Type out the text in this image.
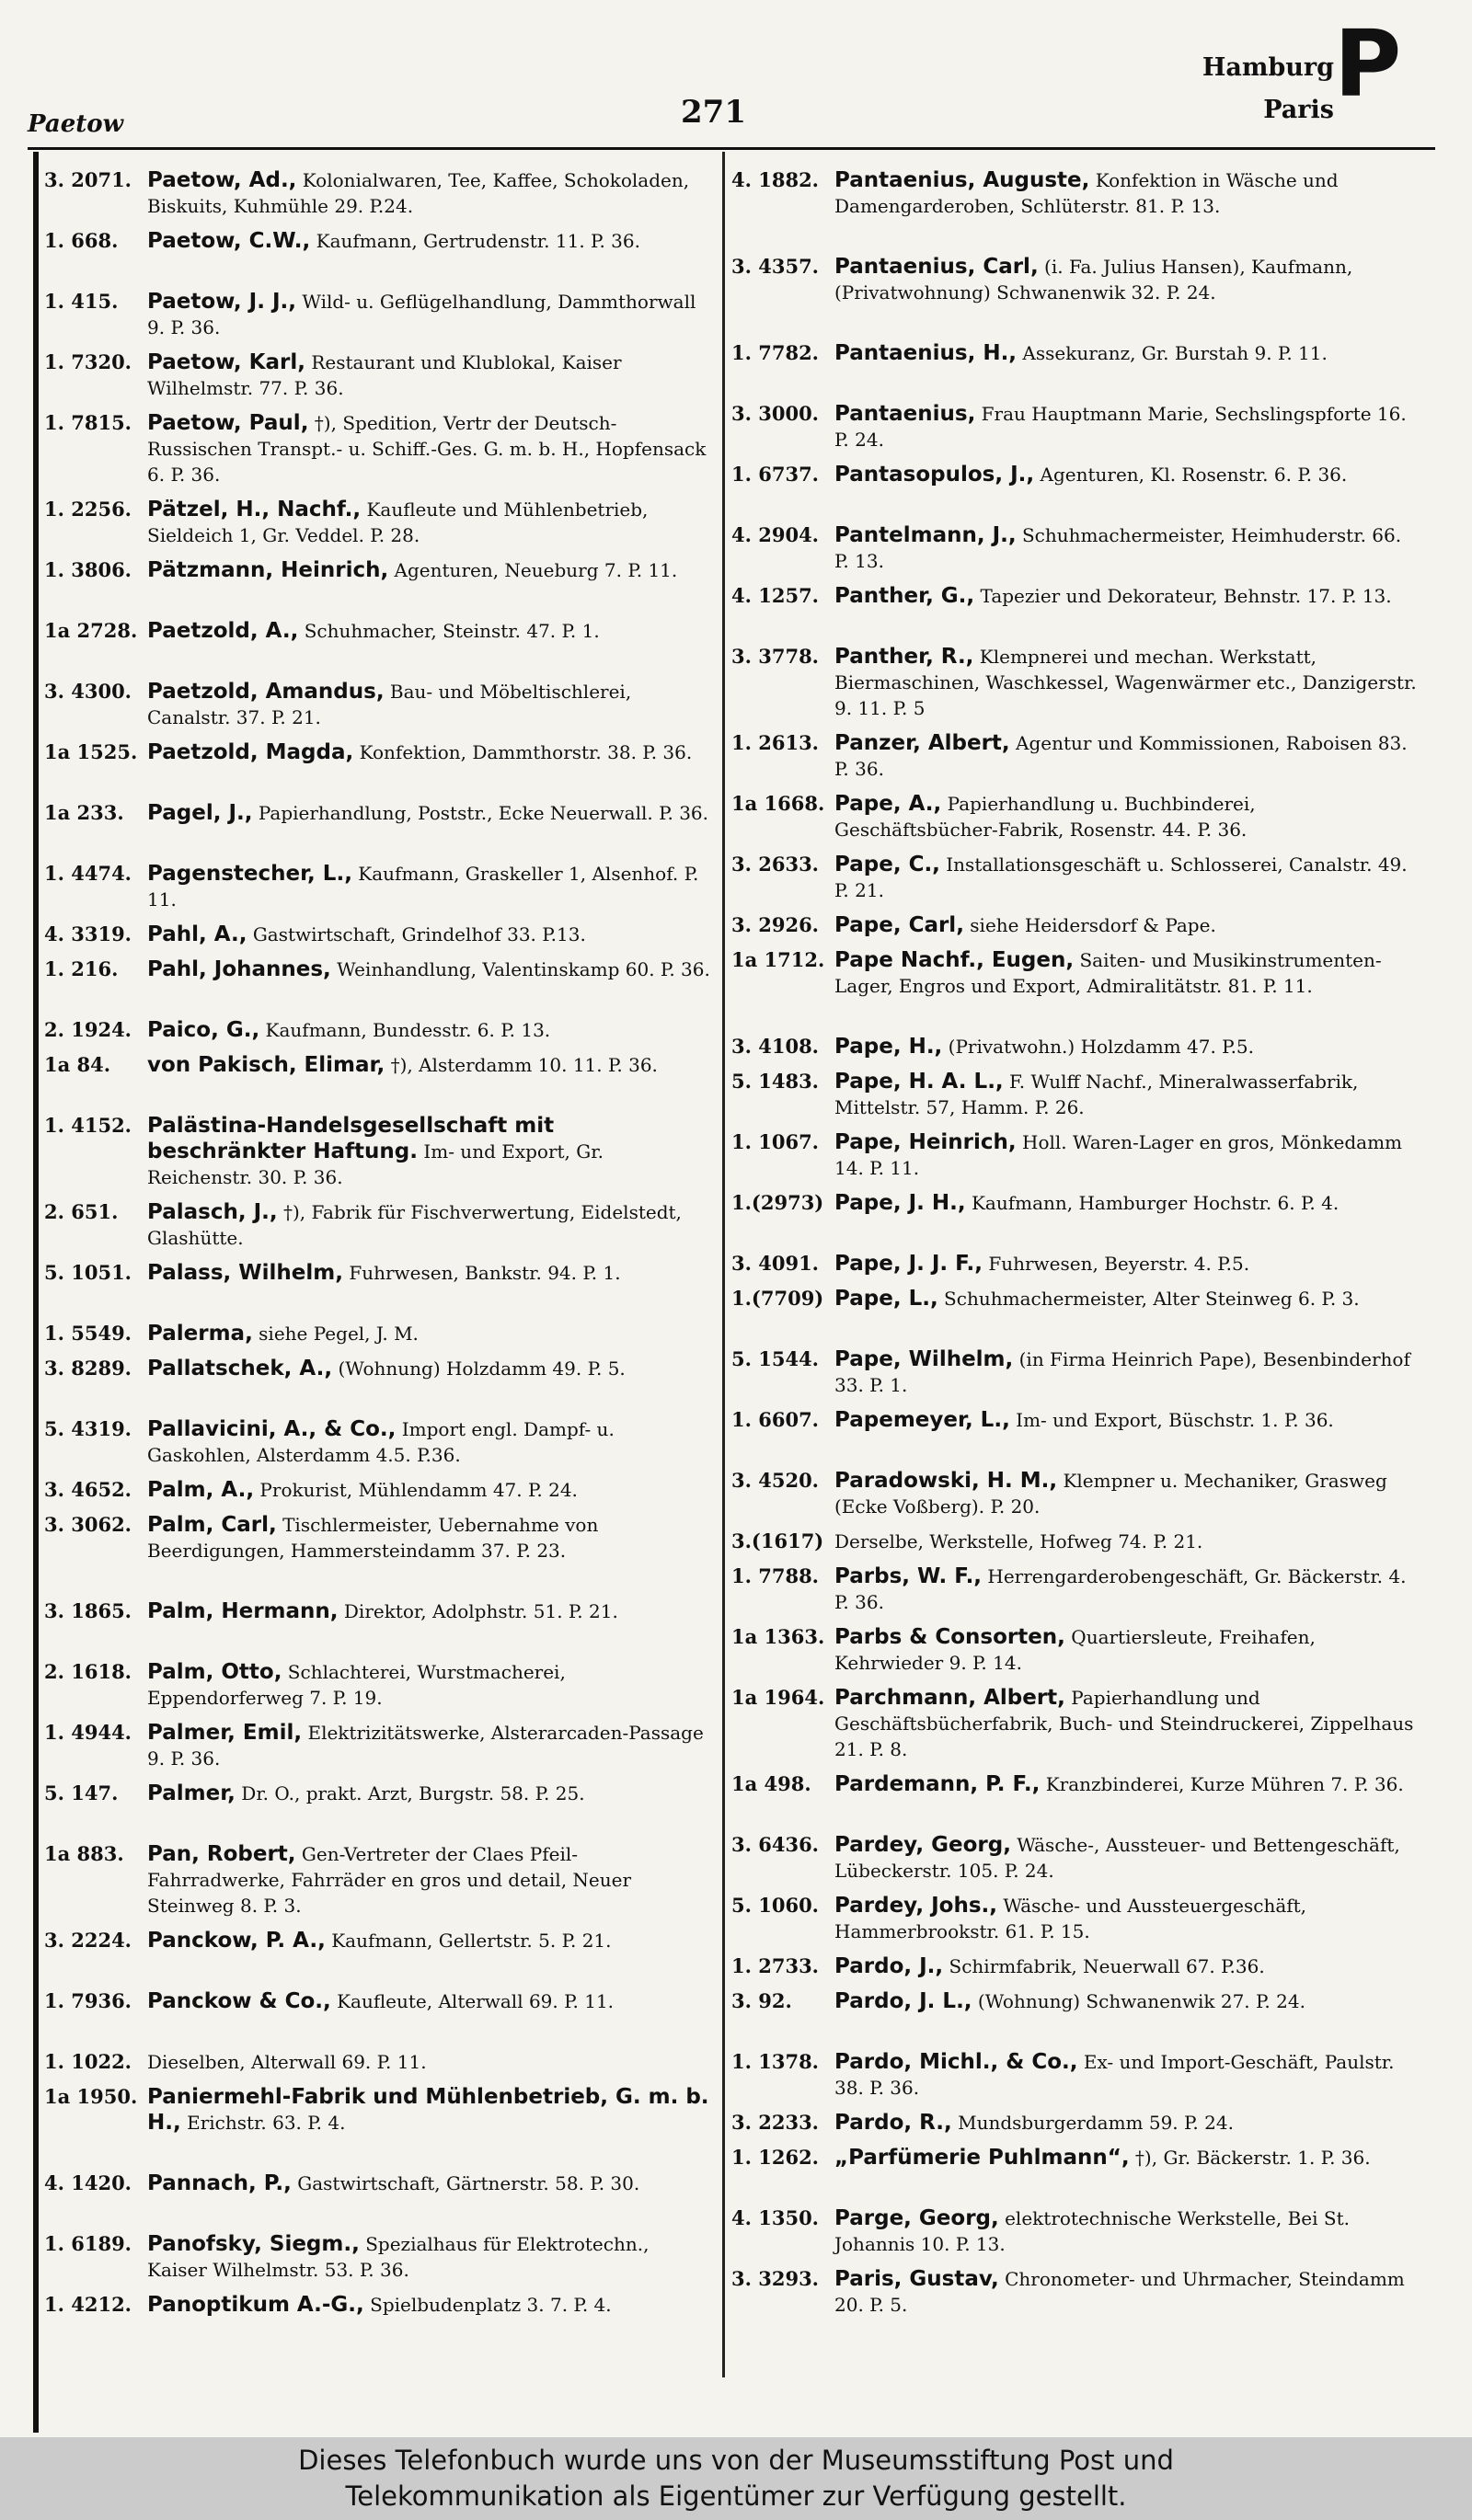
Paetow	271
Hamburg
Paris P
3. 2071. Paetow, Ad., Kolonialwaren, Tee, Kaffee, Schokoladen, Biskuits, Kuhmühle 29. P.24.
1. 668.	Paetow, C.W., Kaufmann, Gertrudenstr. 11. P. 36.
1. 415.	Paetow, J. J., Wild- u. Geflügelhandlung, Dammthorwall 9. P. 36.
1. 7320. Paetow, Karl, Restaurant und Klublokal, Kaiser Wilhelmstr. 77. P. 36.
1. 7815. Paetow, Paul, †), Spedition, Vertr der Deutsch-Russischen Transpt.- u. Schiff.-Ges. G. m. b. H., Hopfensack 6. P. 36.
1. 2256. Pätzel, H., Nachf., Kaufleute und Mühlenbetrieb, Sieldeich 1, Gr. Veddel. P. 28.
1. 3806. Pätzmann, Heinrich, Agenturen, Neueburg 7. P. 11.
1a 2728. Paetzold, A., Schuhmacher, Steinstr. 47. P. 1.
3. 4300. Paetzold, Amandus, Bau- und Möbeltischlerei, Canalstr. 37. P. 21.
1a 1525. Paetzold, Magda, Konfektion, Dammthorstr. 38. P. 36.
1a 233.	Pagel, J., Papierhandlung, Poststr., Ecke Neuerwall. P. 36.
1. 4474. Pagenstecher, L., Kaufmann, Graskeller 1, Alsenhof. P. 11.
4. 3319. Pahl, A., Gastwirtschaft, Grindelhof 33. P.13.
1. 216.	Pahl, Johannes, Weinhandlung, Valentinskamp 60. P. 36.
2. 1924. Paico, G., Kaufmann, Bundesstr. 6. P. 13.
1a 84.	von Pakisch, Elimar, †), Alsterdamm 10. 11. P. 36.
1. 4152. Palästina-Handelsgesellschaft mit beschränkter Haftung. Im- und Export, Gr. Reichenstr. 30. P. 36.
2. 651.	Palasch, J., †), Fabrik für Fischverwertung, Eidelstedt, Glashütte.
5. 1051. Palass, Wilhelm, Fuhrwesen, Bankstr. 94. P. 1.
1. 5549. Palerma, siehe Pegel, J. M.
3. 8289. Pallatschek, A., (Wohnung) Holzdamm 49. P. 5.
5. 4319. Pallavicini, A., & Co., Import engl. Dampf- u. Gaskohlen, Alsterdamm 4.5. P.36.
3. 4652. Palm, A., Prokurist, Mühlendamm 47. P. 24.
3. 3062. Palm, Carl, Tischlermeister, Uebernahme von Beerdigungen, Hammersteindamm 37. P. 23.
3. 1865. Palm, Hermann, Direktor, Adolphstr. 51. P. 21.
2. 1618. Palm, Otto, Schlachterei, Wurstmacherei, Eppendorferweg 7. P. 19.
1. 4944. Palmer, Emil, Elektrizitätswerke, Alsterarcaden-Passage 9. P. 36.
5. 147.	Palmer, Dr. O., prakt. Arzt, Burgstr. 58. P. 25.
1a 883.	Pan, Robert, Gen-Vertreter der Claes Pfeil-Fahrradwerke, Fahrräder en gros und detail, Neuer Steinweg 8. P. 3.
3. 2224. Panckow, P. A., Kaufmann, Gellertstr. 5. P. 21.
1. 7936. Panckow & Co., Kaufleute, Alterwall 69. P. 11.
1. 1022. Dieselben, Alterwall 69. P. 11.
1a 1950. Paniermehl-Fabrik und Mühlenbetrieb, G. m. b. H., Erichstr. 63. P. 4.
4. 1420. Pannach, P., Gastwirtschaft, Gärtnerstr. 58. P. 30.
1. 6189. Panofsky, Siegm., Spezialhaus für Elektrotechn., Kaiser Wilhelmstr. 53. P. 36.
1. 4212. Panoptikum A.-G., Spielbudenplatz 3. 7. P. 4.
4. 1882. Pantaenius, Auguste, Konfektion in Wäsche und Damengarderoben, Schlüterstr. 81. P. 13.
3. 4357. Pantaenius, Carl, (i. Fa. Julius Hansen), Kaufmann, (Privatwohnung) Schwanenwik 32. P. 24.
1. 7782. Pantaenius, H., Assekuranz, Gr. Burstah 9. P. 11.
3. 3000. Pantaenius, Frau Hauptmann Marie, Sechslingspforte 16. P. 24.
1. 6737. Pantasopulos, J., Agenturen, Kl. Rosenstr. 6. P. 36.
4. 2904. Pantelmann, J., Schuhmachermeister, Heimhuderstr. 66. P. 13.
4. 1257. Panther, G., Tapezier und Dekorateur, Behnstr. 17. P. 13.
3. 3778. Panther, R., Klempnerei und mechan. Werkstatt, Biermaschinen, Waschkessel, Wagenwärmer etc., Danzigerstr. 9. 11. P. 5
1. 2613. Panzer, Albert, Agentur und Kommissionen, Raboisen 83. P. 36.
1a 1668. Pape, A., Papierhandlung u. Buchbinderei, Geschäftsbücher-Fabrik, Rosenstr. 44. P. 36.
3. 2633. Pape, C., Installationsgeschäft u. Schlosserei, Canalstr. 49. P. 21.
3. 2926. Pape, Carl, siehe Heidersdorf & Pape.
1a 1712. Pape Nachf., Eugen, Saiten- und Musikinstrumenten-Lager, Engros und Export, Admiralitätstr. 81. P. 11.
3. 4108. Pape, H., (Privatwohn.) Holzdamm 47. P.5.
5. 1483. Pape, H. A. L., F. Wulff Nachf., Mineralwasserfabrik, Mittelstr. 57, Hamm. P. 26.
1. 1067. Pape, Heinrich, Holl. Waren-Lager en gros, Mönkedamm 14. P. 11.
1.(2973) Pape, J. H., Kaufmann, Hamburger Hochstr. 6. P. 4.
3. 4091. Pape, J. J. F., Fuhrwesen, Beyerstr. 4. P.5.
1.(7709) Pape, L., Schuhmachermeister, Alter Steinweg 6. P. 3.
5. 1544. Pape, Wilhelm, (in Firma Heinrich Pape), Besenbinderhof 33. P. 1.
1. 6607. Papemeyer, L., Im- und Export, Büschstr. 1. P. 36.
3. 4520. Paradowski, H. M., Klempner u. Mechaniker, Grasweg (Ecke Voßberg). P. 20.
3.(1617) Derselbe, Werkstelle, Hofweg 74. P. 21.
1. 7788. Parbs, W. F., Herrengarderobengeschäft, Gr. Bäckerstr. 4. P. 36.
1a 1363. Parbs & Consorten, Quartiersleute, Freihafen, Kehrwieder 9. P. 14.
1a 1964. Parchmann, Albert, Papierhandlung und Geschäftsbücherfabrik, Buch- und Steindruckerei, Zippelhaus 21. P. 8.
1a 498.	Pardemann, P. F., Kranzbinderei, Kurze Mühren 7. P. 36.
3. 6436. Pardey, Georg, Wäsche-, Aussteuer- und Bettengeschäft, Lübeckerstr. 105. P. 24.
5. 1060. Pardey, Johs., Wäsche- und Aussteuergeschäft, Hammerbrookstr. 61. P. 15.
1. 2733. Pardo, J., Schirmfabrik, Neuerwall 67. P.36.
3. 92.	Pardo, J. L., (Wohnung) Schwanenwik 27. P. 24.
1. 1378. Pardo, Michl., & Co., Ex- und Import-Geschäft, Paulstr. 38. P. 36.
3. 2233. Pardo, R., Mundsburgerdamm 59. P. 24.
1. 1262. „Parfümerie Puhlmann“, †), Gr. Bäckerstr. 1. P. 36.
4. 1350. Parge, Georg, elektrotechnische Werkstelle, Bei St. Johannis 10. P. 13.
3. 3293. Paris, Gustav, Chronometer- und Uhrmacher, Steindamm 20. P. 5.
Dieses Telefonbuch wurde uns von der Museumsstiftung Post und
Telekommunikation als Eigentümer zur Verfügung gestellt.
